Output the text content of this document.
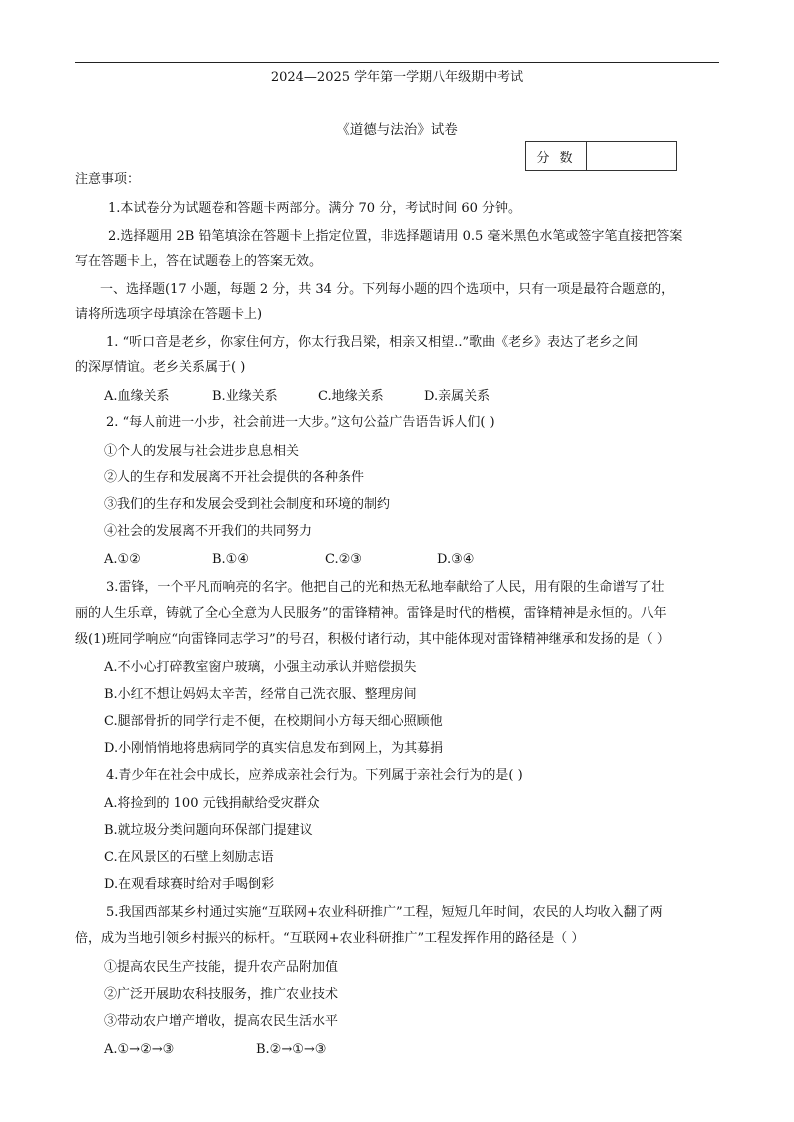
2024—2025 学年第一学期八年级期中考试
《道德与法治》试卷
分 数
注意事项：
1.本试卷分为试题卷和答题卡两部分。满分 70 分，考试时间 60 分钟。
2.选择题用 2B 铅笔填涂在答题卡上指定位置，非选择题请用 0.5 毫米黑色水笔或签字笔直接把答案
写在答题卡上，答在试题卷上的答案无效。
一、选择题(17 小题，每题 2 分，共 34 分。下列每小题的四个选项中，只有一项是最符合题意的，
请将所选项字母填涂在答题卡上)
1. “听口音是老乡，你家住何方，你太行我吕梁，相亲又相望..”歌曲《老乡》表达了老乡之间
的深厚情谊。老乡关系属于( )
A.血缘关系	B.业缘关系	C.地缘关系	D.亲属关系
2. “每人前进一小步，社会前进一大步。”这句公益广告语告诉人们( )
①个人的发展与社会进步息息相关
②人的生存和发展离不开社会提供的各种条件
③我们的生存和发展会受到社会制度和环境的制约
④社会的发展离不开我们的共同努力
A.①②	B.①④	C.②③	D.③④
3.雷锋，一个平凡而响亮的名字。他把自己的光和热无私地奉献给了人民，用有限的生命谱写了壮
丽的人生乐章，铸就了全心全意为人民服务”的雷锋精神。雷锋是时代的楷模，雷锋精神是永恒的。八年
级(1)班同学响应“向雷锋同志学习”的号召，积极付诸行动，其中能体现对雷锋精神继承和发扬的是（ ）
A.不小心打碎教室窗户玻璃，小强主动承认并赔偿损失
B.小红不想让妈妈太辛苦，经常自己洗衣服、整理房间
C.腿部骨折的同学行走不便，在校期间小方每天细心照顾他
D.小刚悄悄地将患病同学的真实信息发布到网上，为其募捐
4.青少年在社会中成长，应养成亲社会行为。下列属于亲社会行为的是( )
A.将捡到的 100 元钱捐献给受灾群众
B.就垃圾分类问题向环保部门提建议
C.在风景区的石壁上刻励志语
D.在观看球赛时给对手喝倒彩
5.我国西部某乡村通过实施“互联网+农业科研推广”工程，短短几年时间，农民的人均收入翻了两
倍，成为当地引领乡村振兴的标杆。“互联网+农业科研推广”工程发挥作用的路径是（ ）
①提高农民生产技能，提升农产品附加值
②广泛开展助农科技服务，推广农业技术
③带动农户增产增收，提高农民生活水平
A.①→②→③	B.②→①→③
